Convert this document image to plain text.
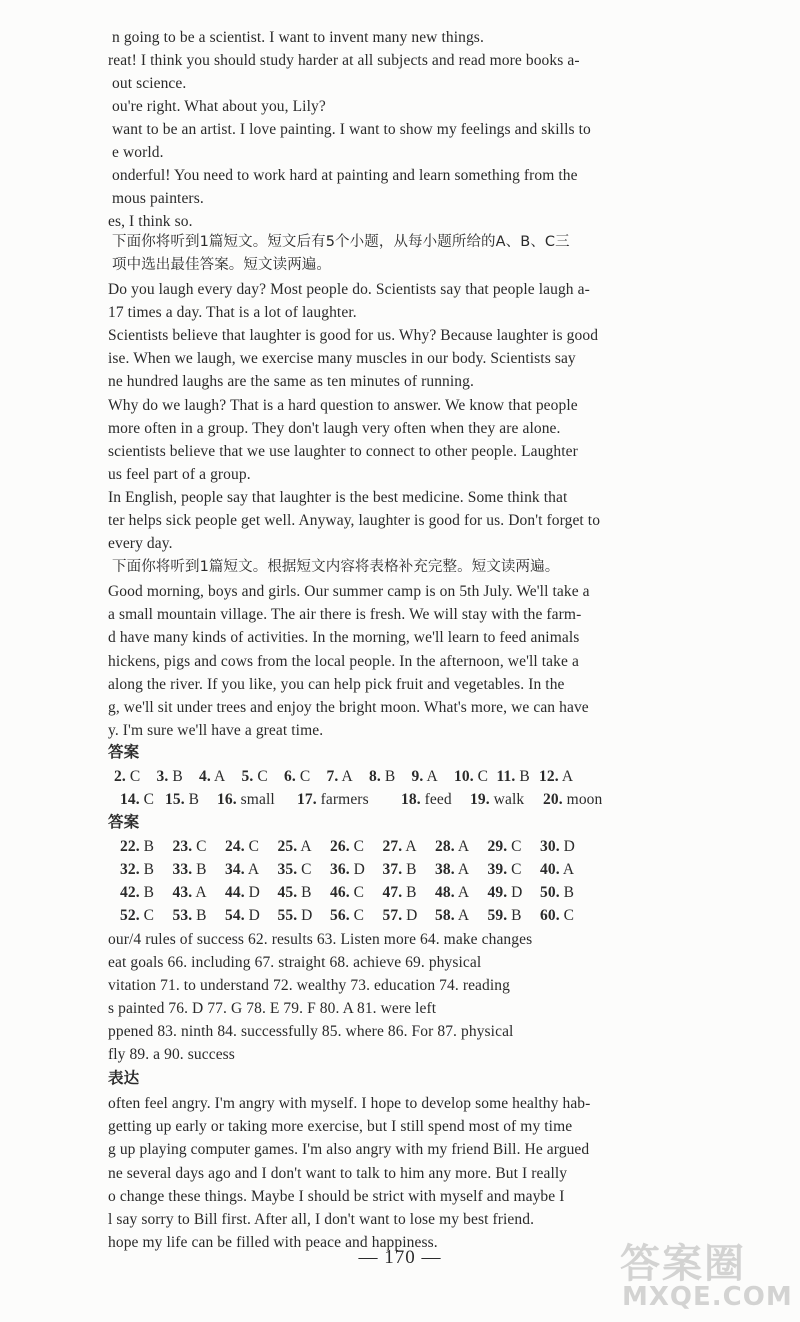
n going to be a scientist. I want to invent many new things.
reat! I think you should study harder at all subjects and read more books a-
out science.
ou're right. What about you, Lily?
want to be an artist. I love painting. I want to show my feelings and skills to
e world.
onderful! You need to work hard at painting and learn something from the
mous painters.
es, I think so.
下面你将听到1篇短文。短文后有5个小题，从每小题所给的A、B、C三
项中选出最佳答案。短文读两遍。
Do you laugh every day? Most people do. Scientists say that people laugh a-
17 times a day. That is a lot of laughter.
Scientists believe that laughter is good for us. Why? Because laughter is good
ise. When we laugh, we exercise many muscles in our body. Scientists say
ne hundred laughs are the same as ten minutes of running.
Why do we laugh? That is a hard question to answer. We know that people
more often in a group. They don't laugh very often when they are alone.
scientists believe that we use laughter to connect to other people. Laughter
us feel part of a group.
In English, people say that laughter is the best medicine. Some think that
ter helps sick people get well. Anyway, laughter is good for us. Don't forget to
every day.
下面你将听到1篇短文。根据短文内容将表格补充完整。短文读两遍。
Good morning, boys and girls. Our summer camp is on 5th July. We'll take a
a small mountain village. The air there is fresh. We will stay with the farm-
d have many kinds of activities. In the morning, we'll learn to feed animals
hickens, pigs and cows from the local people. In the afternoon, we'll take a
along the river. If you like, you can help pick fruit and vegetables. In the
g, we'll sit under trees and enjoy the bright moon. What's more, we can have
y. I'm sure we'll have a great time.
答案
2. C 3. B 4. A 5. C 6. C 7. A 8. B 9. A 10. C 11. B 12. A
14. C 15. B 16. small 17. farmers 18. feed 19. walk 20. moon
答案
22. B 23. C 24. C 25. A 26. C 27. A 28. A 29. C 30. D
32. B 33. B 34. A 35. C 36. D 37. B 38. A 39. C 40. A
42. B 43. A 44. D 45. B 46. C 47. B 48. A 49. D 50. B
52. C 53. B 54. D 55. D 56. C 57. D 58. A 59. B 60. C
our/4 rules of success 62. results 63. Listen more 64. make changes
eat goals 66. including 67. straight 68. achieve 69. physical
vitation 71. to understand 72. wealthy 73. education 74. reading
s painted 76. D 77. G 78. E 79. F 80. A 81. were left
ppened 83. ninth 84. successfully 85. where 86. For 87. physical
fly 89. a 90. success
表达
often feel angry. I'm angry with myself. I hope to develop some healthy hab-
getting up early or taking more exercise, but I still spend most of my time
g up playing computer games. I'm also angry with my friend Bill. He argued
ne several days ago and I don't want to talk to him any more. But I really
o change these things. Maybe I should be strict with myself and maybe I
l say sorry to Bill first. After all, I don't want to lose my best friend.
hope my life can be filled with peace and happiness.
— 170 —	答案圈
MXQE.COM
